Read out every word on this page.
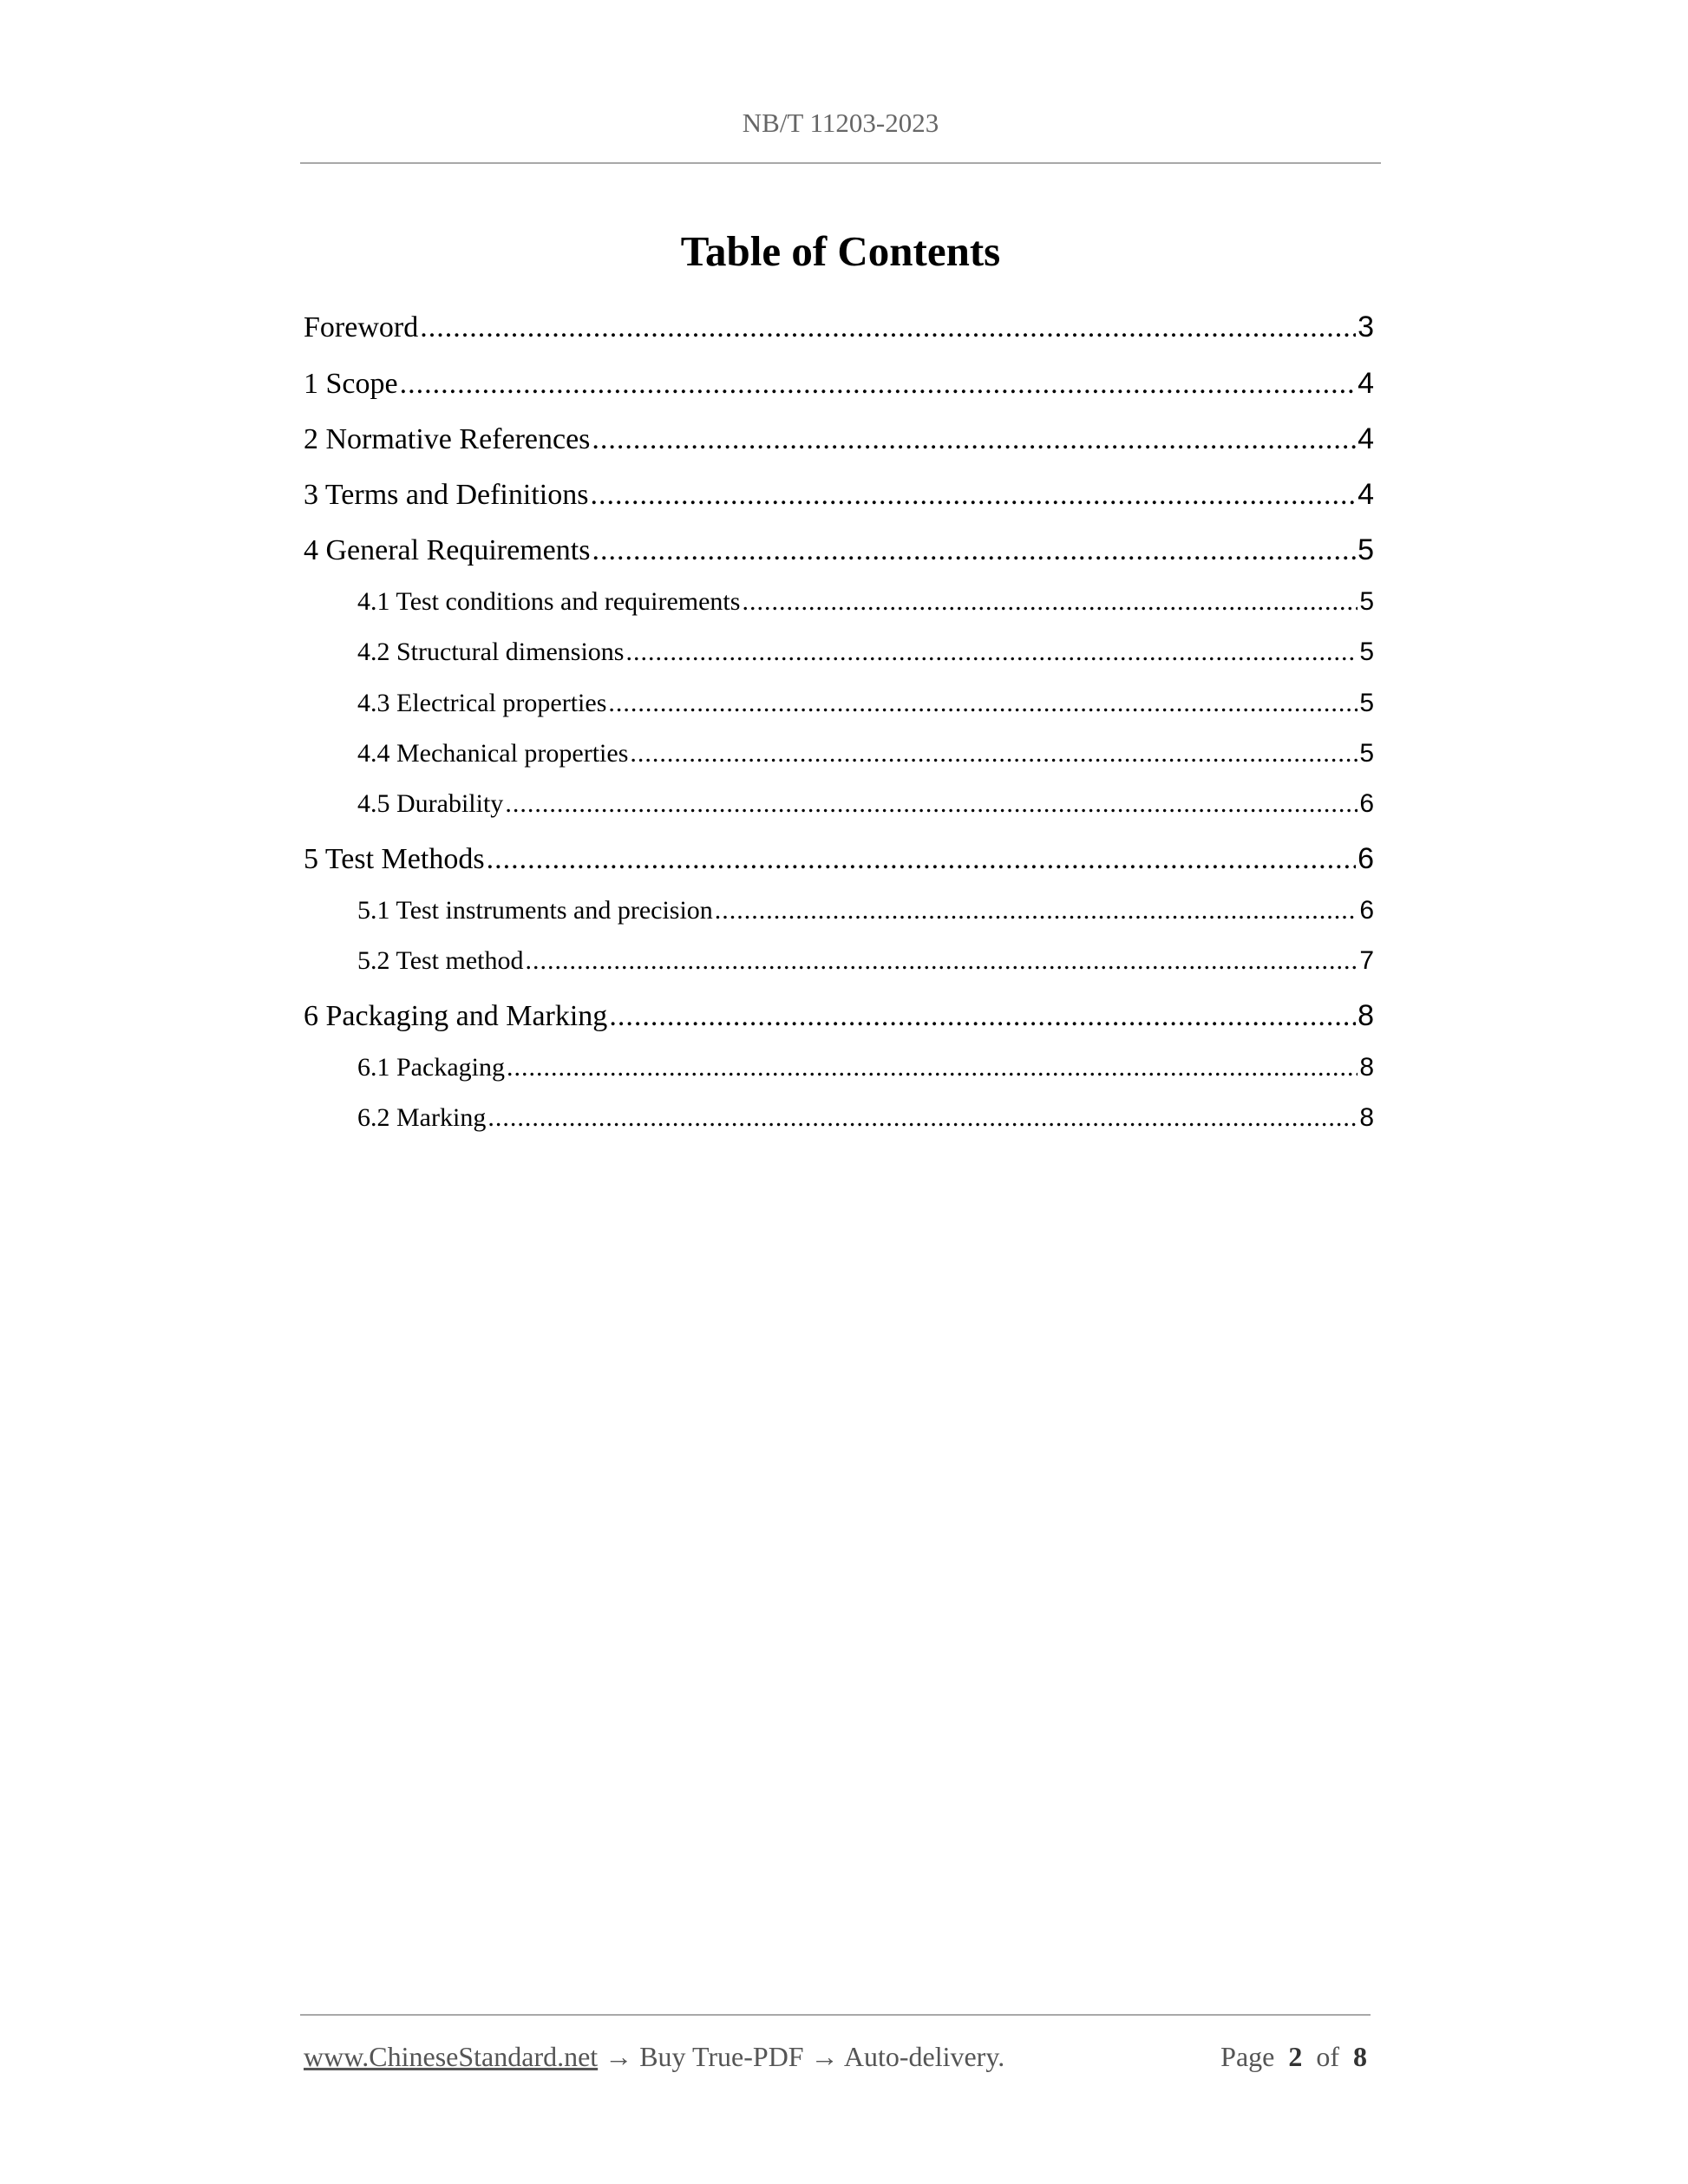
NB/T 11203-2023
Table of Contents
Foreword .....	3
1 Scope .....	4
2 Normative References .....	4
3 Terms and Definitions .....	4
4 General Requirements .....	5
4.1 Test conditions and requirements .....	5
4.2 Structural dimensions .....	5
4.3 Electrical properties .....	5
4.4 Mechanical properties .....	5
4.5 Durability .....	6
5 Test Methods .....	6
5.1 Test instruments and precision .....	6
5.2 Test method .....	7
6 Packaging and Marking .....	8
6.1 Packaging .....	8
6.2 Marking .....	8
www.ChineseStandard.net → Buy True-PDF → Auto-delivery.	Page 2 of 8
